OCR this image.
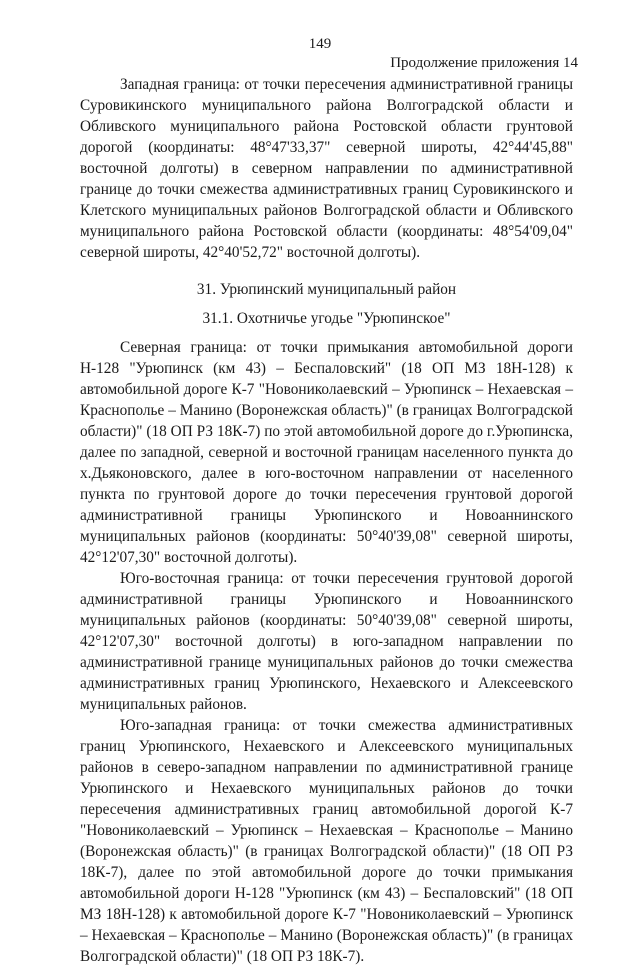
149
Продолжение приложения 14

Западная граница: от точки пересечения административной границы Суровикинского муниципального района Волгоградской области и Обливского муниципального района Ростовской области грунтовой дорогой (координаты: 48°47'33,37" северной широты, 42°44'45,88" восточной долготы) в северном направлении по административной границе до точки смежества административных границ Суровикинского и Клетского муниципальных районов Волгоградской области и Обливского муниципального района Ростовской области (координаты: 48°54'09,04" северной широты, 42°40'52,72" восточной долготы).

31. Урюпинский муниципальный район
31.1. Охотничье угодье "Урюпинское"

Северная граница: от точки примыкания автомобильной дороги Н-128 "Урюпинск (км 43) – Беспаловский" (18 ОП МЗ 18Н-128) к автомобильной дороге К-7 "Новониколаевский – Урюпинск – Нехаевская – Краснополье – Манино (Воронежская область)" (в границах Волгоградской области)" (18 ОП РЗ 18К-7) по этой автомобильной дороге до г.Урюпинска, далее по западной, северной и восточной границам населенного пункта до х.Дьяконовского, далее в юго-восточном направлении от населенного пункта по грунтовой дороге до точки пересечения грунтовой дорогой административной границы Урюпинского и Новоаннинского муниципальных районов (координаты: 50°40'39,08" северной широты, 42°12'07,30" восточной долготы).

Юго-восточная граница: от точки пересечения грунтовой дорогой административной границы Урюпинского и Новоаннинского муниципальных районов (координаты: 50°40'39,08" северной широты, 42°12'07,30" восточной долготы) в юго-западном направлении по административной границе муниципальных районов до точки смежества административных границ Урюпинского, Нехаевского и Алексеевского муниципальных районов.

Юго-западная граница: от точки смежества административных границ Урюпинского, Нехаевского и Алексеевского муниципальных районов в северо-западном направлении по административной границе Урюпинского и Нехаевского муниципальных районов до точки пересечения административных границ автомобильной дорогой К-7 "Новониколаевский – Урюпинск – Нехаевская – Краснополье – Манино (Воронежская область)" (в границах Волгоградской области)" (18 ОП РЗ 18К-7), далее по этой автомобильной дороге до точки примыкания автомобильной дороги Н-128 "Урюпинск (км 43) – Беспаловский" (18 ОП МЗ 18Н-128) к автомобильной дороге К-7 "Новониколаевский – Урюпинск – Нехаевская – Краснополье – Манино (Воронежская область)" (в границах Волгоградской области)" (18 ОП РЗ 18К-7).
